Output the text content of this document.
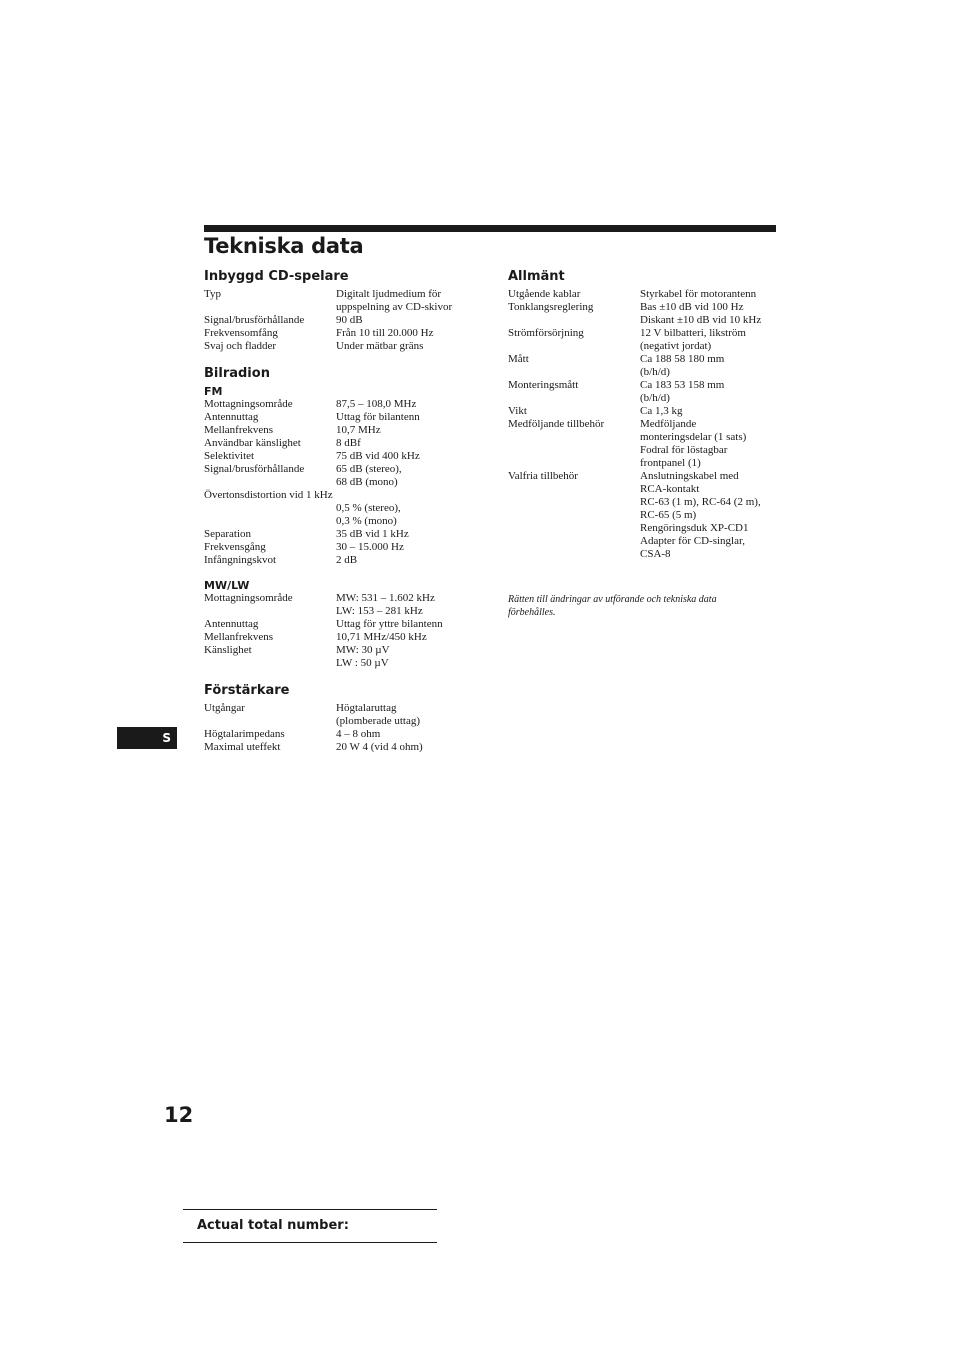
Tekniska data
Inbyggd CD-spelare
Typ	Digitalt ljudmedium för
uppspelning av CD-skivor
Signal/brusförhållande	90 dB
Frekvensomfång	Från 10 till 20.000 Hz
Svaj och fladder	Under mätbar gräns
Bilradion
FM
Mottagningsområde	87,5 – 108,0 MHz
Antennuttag	Uttag för bilantenn
Mellanfrekvens	10,7 MHz
Användbar känslighet	8 dBf
Selektivitet	75 dB vid 400 kHz
Signal/brusförhållande	65 dB (stereo),
68 dB (mono)
Övertonsdistortion vid 1 kHz
0,5 % (stereo),
0,3 % (mono)
Separation	35 dB vid 1 kHz
Frekvensgång	30 – 15.000 Hz
Infångningskvot	2 dB
MW/LW
Mottagningsområde	MW: 531 – 1.602 kHz
LW: 153 – 281 kHz
Antennuttag	Uttag för yttre bilantenn
Mellanfrekvens	10,71 MHz/450 kHz
Känslighet	MW: 30 µV
LW : 50 µV
Förstärkare
Utgångar	Högtalaruttag
(plomberade uttag)
Högtalarimpedans	4 – 8 ohm
Maximal uteffekt	20 W 4 (vid 4 ohm)
Allmänt
Utgående kablar	Styrkabel för motorantenn
Tonklangsreglering	Bas ±10 dB vid 100 Hz
Diskant ±10 dB vid 10 kHz
Strömförsörjning	12 V bilbatteri, likström
(negativt jordat)
Mått	Ca 188 58 180 mm
(b/h/d)
Monteringsmått	Ca 183 53 158 mm
(b/h/d)
Vikt	Ca 1,3 kg
Medföljande tillbehör	Medföljande
monteringsdelar (1 sats)
Fodral för löstagbar
frontpanel (1)
Valfria tillbehör	Anslutningskabel med
RCA-kontakt
RC-63 (1 m), RC-64 (2 m),
RC-65 (5 m)
Rengöringsduk XP-CD1
Adapter för CD-singlar,
CSA-8
Rätten till ändringar av utförande och tekniska data
förbehålles.
S
12
Actual total number:
